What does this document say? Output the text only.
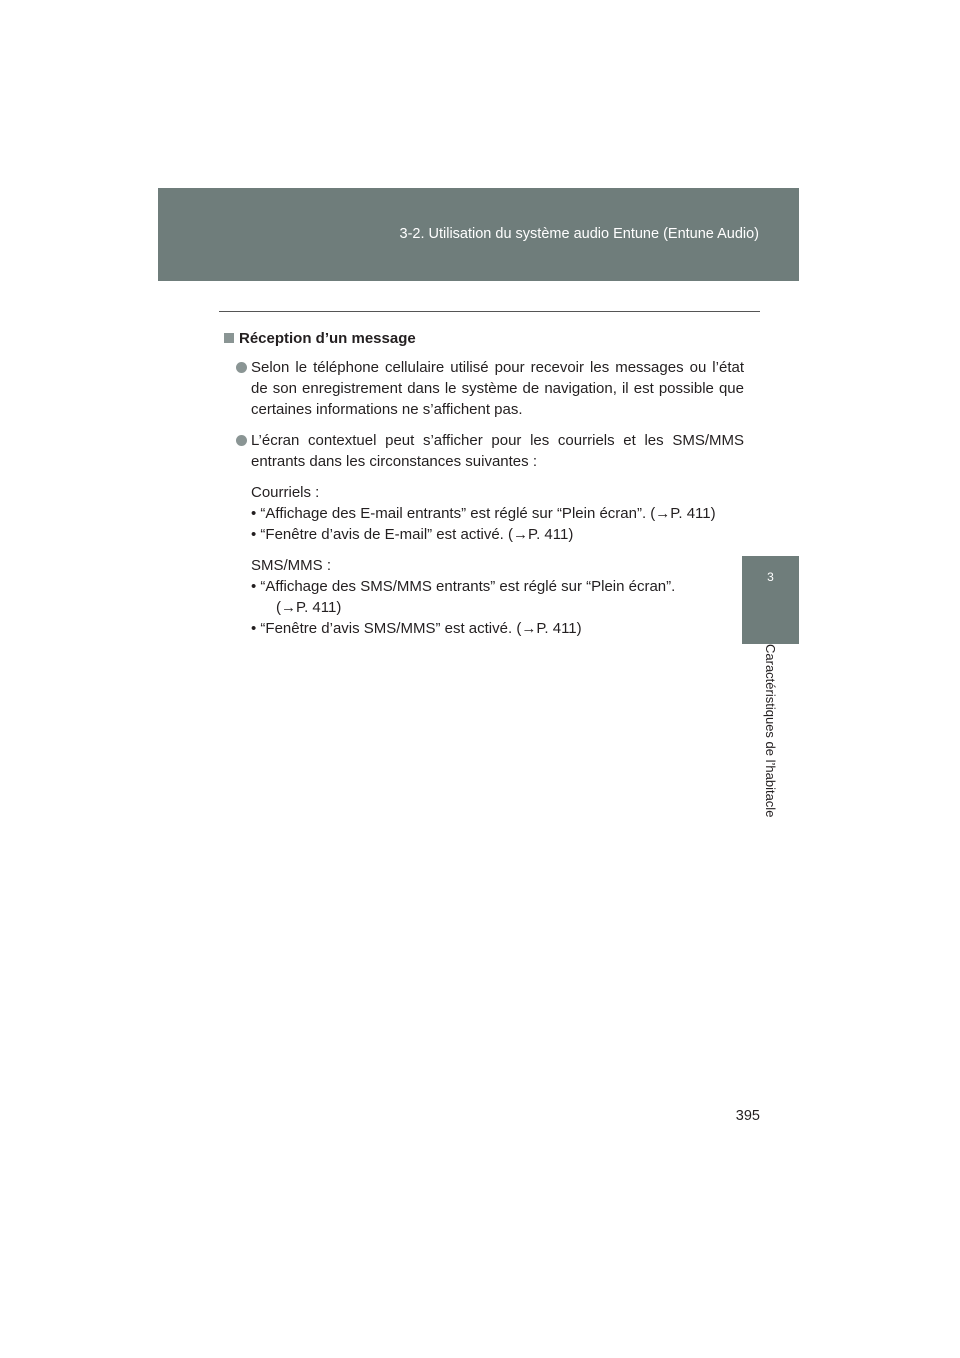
3-2. Utilisation du système audio Entune (Entune Audio)
3
Caractéristiques de l’habitacle
Réception d’un message
Selon le téléphone cellulaire utilisé pour recevoir les messages ou l’état de son enregistrement dans le système de navigation, il est possible que certaines informations ne s’affichent pas.
L’écran contextuel peut s’afficher pour les courriels et les SMS/MMS entrants dans les circonstances suivantes :

Courriels :

• “Affichage des E-mail entrants” est réglé sur “Plein écran”. (→P. 411)

• “Fenêtre d’avis de E-mail” est activé. (→P. 411)

SMS/MMS :

• “Affichage des SMS/MMS entrants” est réglé sur “Plein écran”.

(→P. 411)

• “Fenêtre d’avis SMS/MMS” est activé. (→P. 411)

395
